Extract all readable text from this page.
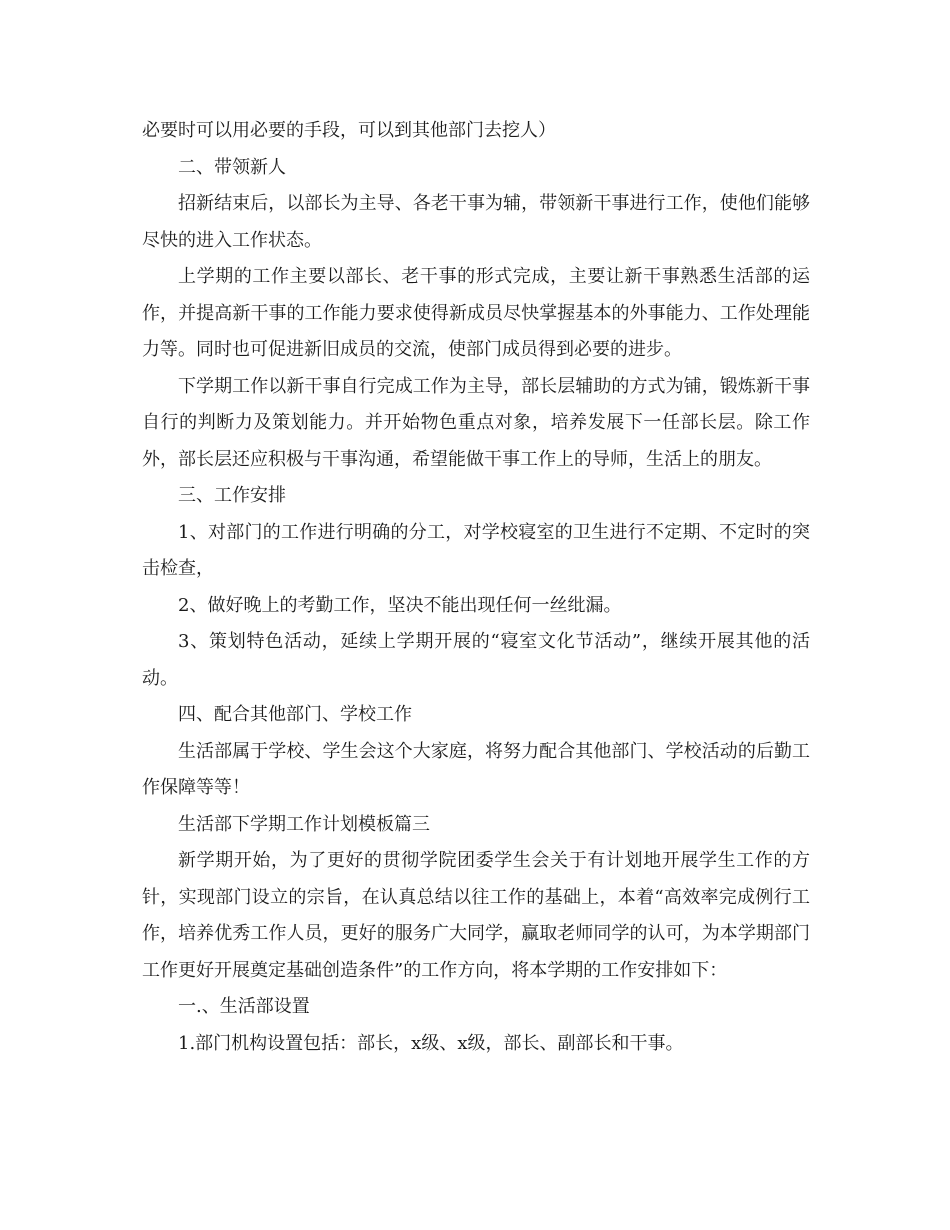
必要时可以用必要的手段，可以到其他部门去挖人）

二、带领新人

招新结束后，以部长为主导、各老干事为辅，带领新干事进行工作，使他们能够尽快的进入工作状态。

上学期的工作主要以部长、老干事的形式完成，主要让新干事熟悉生活部的运作，并提高新干事的工作能力要求使得新成员尽快掌握基本的外事能力、工作处理能力等。同时也可促进新旧成员的交流，使部门成员得到必要的进步。

下学期工作以新干事自行完成工作为主导，部长层辅助的方式为铺，锻炼新干事自行的判断力及策划能力。并开始物色重点对象，培养发展下一任部长层。除工作外，部长层还应积极与干事沟通，希望能做干事工作上的导师，生活上的朋友。

三、工作安排

1、对部门的工作进行明确的分工，对学校寝室的卫生进行不定期、不定时的突击检查，

2、做好晚上的考勤工作，坚决不能出现任何一丝纰漏。

3、策划特色活动，延续上学期开展的“寝室文化节活动”，继续开展其他的活动。

四、配合其他部门、学校工作

生活部属于学校、学生会这个大家庭，将努力配合其他部门、学校活动的后勤工作保障等等！

生活部下学期工作计划模板篇三

新学期开始，为了更好的贯彻学院团委学生会关于有计划地开展学生工作的方针，实现部门设立的宗旨，在认真总结以往工作的基础上，本着“高效率完成例行工作，培养优秀工作人员，更好的服务广大同学，赢取老师同学的认可，为本学期部门工作更好开展奠定基础创造条件”的工作方向，将本学期的工作安排如下：

一.、生活部设置

1.部门机构设置包括：部长，x级、x级，部长、副部长和干事。
